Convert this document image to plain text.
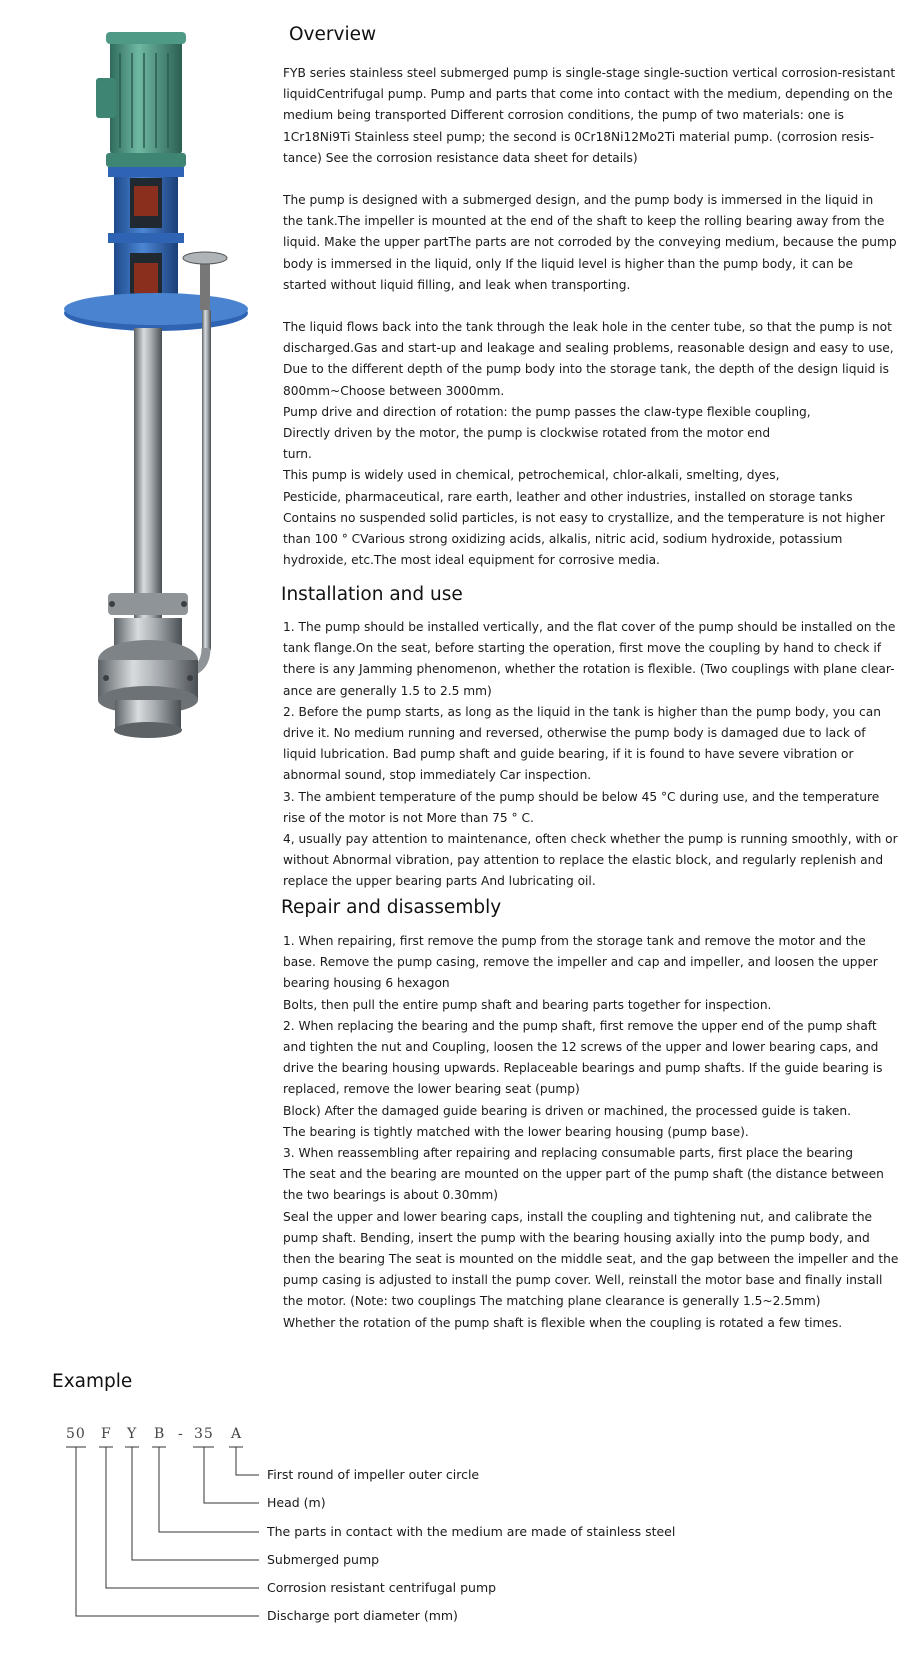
Overview

FYB series stainless steel submerged pump is single-stage single-suction vertical corrosion-resistant
liquidCentrifugal pump. Pump and parts that come into contact with the medium, depending on the
medium being transported Different corrosion conditions, the pump of two materials: one is
1Cr18Ni9Ti Stainless steel pump; the second is 0Cr18Ni12Mo2Ti material pump. (corrosion resis-
tance) See the corrosion resistance data sheet for details)

The pump is designed with a submerged design, and the pump body is immersed in the liquid in
the tank.The impeller is mounted at the end of the shaft to keep the rolling bearing away from the
liquid. Make the upper partThe parts are not corroded by the conveying medium, because the pump
body is immersed in the liquid, only If the liquid level is higher than the pump body, it can be
started without liquid filling, and leak when transporting.

The liquid flows back into the tank through the leak hole in the center tube, so that the pump is not
discharged.Gas and start-up and leakage and sealing problems, reasonable design and easy to use,
Due to the different depth of the pump body into the storage tank, the depth of the design liquid is
800mm~Choose between 3000mm.
Pump drive and direction of rotation: the pump passes the claw-type flexible coupling,
Directly driven by the motor, the pump is clockwise rotated from the motor end
turn.
This pump is widely used in chemical, petrochemical, chlor-alkali, smelting, dyes,
Pesticide, pharmaceutical, rare earth, leather and other industries, installed on storage tanks
Contains no suspended solid particles, is not easy to crystallize, and the temperature is not higher
than 100 ° CVarious strong oxidizing acids, alkalis, nitric acid, sodium hydroxide, potassium
hydroxide, etc.The most ideal equipment for corrosive media.

Installation and use

1. The pump should be installed vertically, and the flat cover of the pump should be installed on the
tank flange.On the seat, before starting the operation, first move the coupling by hand to check if
there is any Jamming phenomenon, whether the rotation is flexible. (Two couplings with plane clear-
ance are generally 1.5 to 2.5 mm)
2. Before the pump starts, as long as the liquid in the tank is higher than the pump body, you can
drive it. No medium running and reversed, otherwise the pump body is damaged due to lack of
liquid lubrication. Bad pump shaft and guide bearing, if it is found to have severe vibration or
abnormal sound, stop immediately Car inspection.
3. The ambient temperature of the pump should be below 45 °C during use, and the temperature
rise of the motor is not More than 75 ° C.
4, usually pay attention to maintenance, often check whether the pump is running smoothly, with or
without Abnormal vibration, pay attention to replace the elastic block, and regularly replenish and
replace the upper bearing parts And lubricating oil.

Repair and disassembly

1. When repairing, first remove the pump from the storage tank and remove the motor and the
base. Remove the pump casing, remove the impeller and cap and impeller, and loosen the upper
bearing housing 6 hexagon
Bolts, then pull the entire pump shaft and bearing parts together for inspection.
2. When replacing the bearing and the pump shaft, first remove the upper end of the pump shaft
and tighten the nut and Coupling, loosen the 12 screws of the upper and lower bearing caps, and
drive the bearing housing upwards. Replaceable bearings and pump shafts. If the guide bearing is
replaced, remove the lower bearing seat (pump)
Block) After the damaged guide bearing is driven or machined, the processed guide is taken.
The bearing is tightly matched with the lower bearing housing (pump base).
3. When reassembling after repairing and replacing consumable parts, first place the bearing
The seat and the bearing are mounted on the upper part of the pump shaft (the distance between
the two bearings is about 0.30mm)
Seal the upper and lower bearing caps, install the coupling and tightening nut, and calibrate the
pump shaft. Bending, insert the pump with the bearing housing axially into the pump body, and
then the bearing The seat is mounted on the middle seat, and the gap between the impeller and the
pump casing is adjusted to install the pump cover. Well, reinstall the motor base and finally install
the motor. (Note: two couplings The matching plane clearance is generally 1.5~2.5mm)
Whether the rotation of the pump shaft is flexible when the coupling is rotated a few times.

Example
50 F Y B - 35 A
First round of impeller outer circle
Head (m)
The parts in contact with the medium are made of stainless steel
Submerged pump
Corrosion resistant centrifugal pump
Discharge port diameter (mm)
